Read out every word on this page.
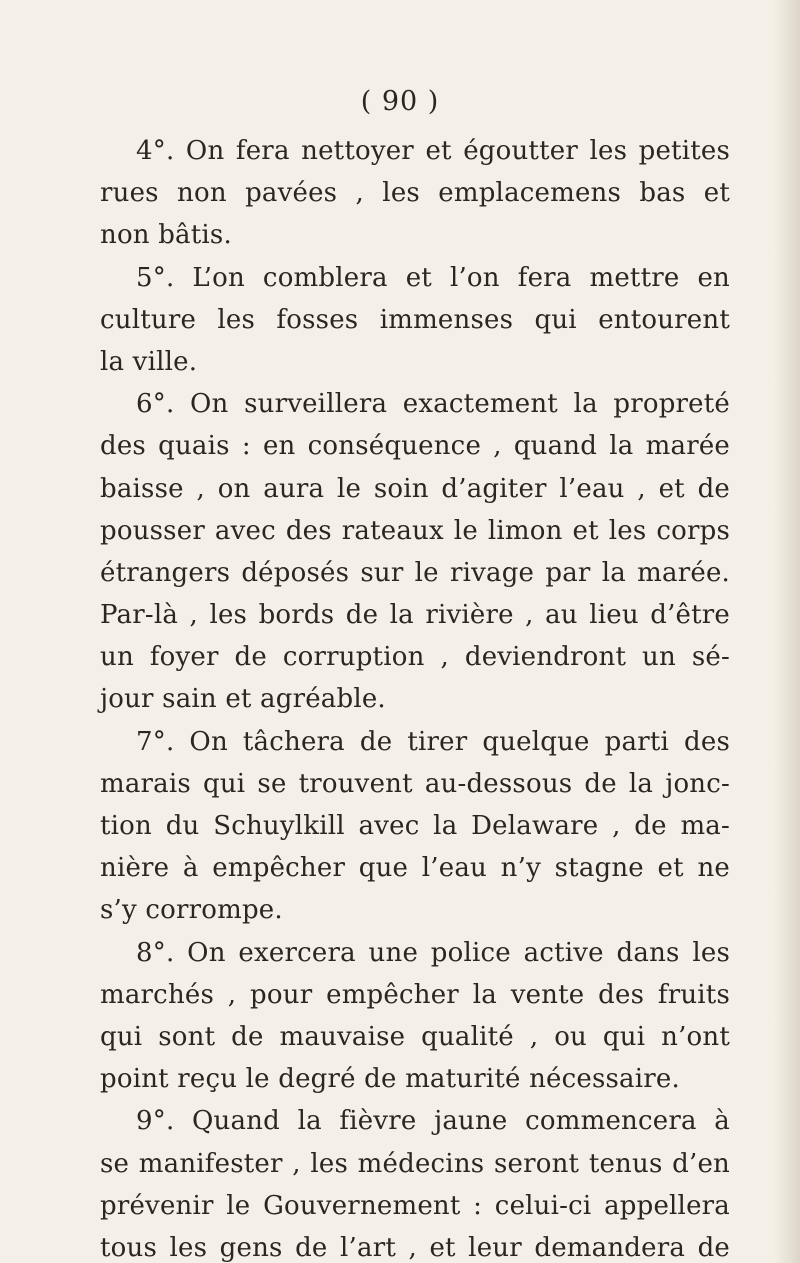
( 90 )
4°. On fera nettoyer et égoutter les petites
rues non pavées , les emplacemens bas et
non bâtis.
5°. L’on comblera et l’on fera mettre en
culture les fosses immenses qui entourent
la ville.
6°. On surveillera exactement la propreté
des quais : en conséquence , quand la marée
baisse , on aura le soin d’agiter l’eau , et de
pousser avec des rateaux le limon et les corps
étrangers déposés sur le rivage par la marée.
Par-là , les bords de la rivière , au lieu d’être
un foyer de corruption , deviendront un sé-
jour sain et agréable.
7°. On tâchera de tirer quelque parti des
marais qui se trouvent au-dessous de la jonc-
tion du Schuylkill avec la Delaware , de ma-
nière à empêcher que l’eau n’y stagne et ne
s’y corrompe.
8°. On exercera une police active dans les
marchés , pour empêcher la vente des fruits
qui sont de mauvaise qualité , ou qui n’ont
point reçu le degré de maturité nécessaire.
9°. Quand la fièvre jaune commencera à
se manifester , les médecins seront tenus d’en
prévenir le Gouvernement : celui-ci appellera
tous les gens de l’art , et leur demandera de
